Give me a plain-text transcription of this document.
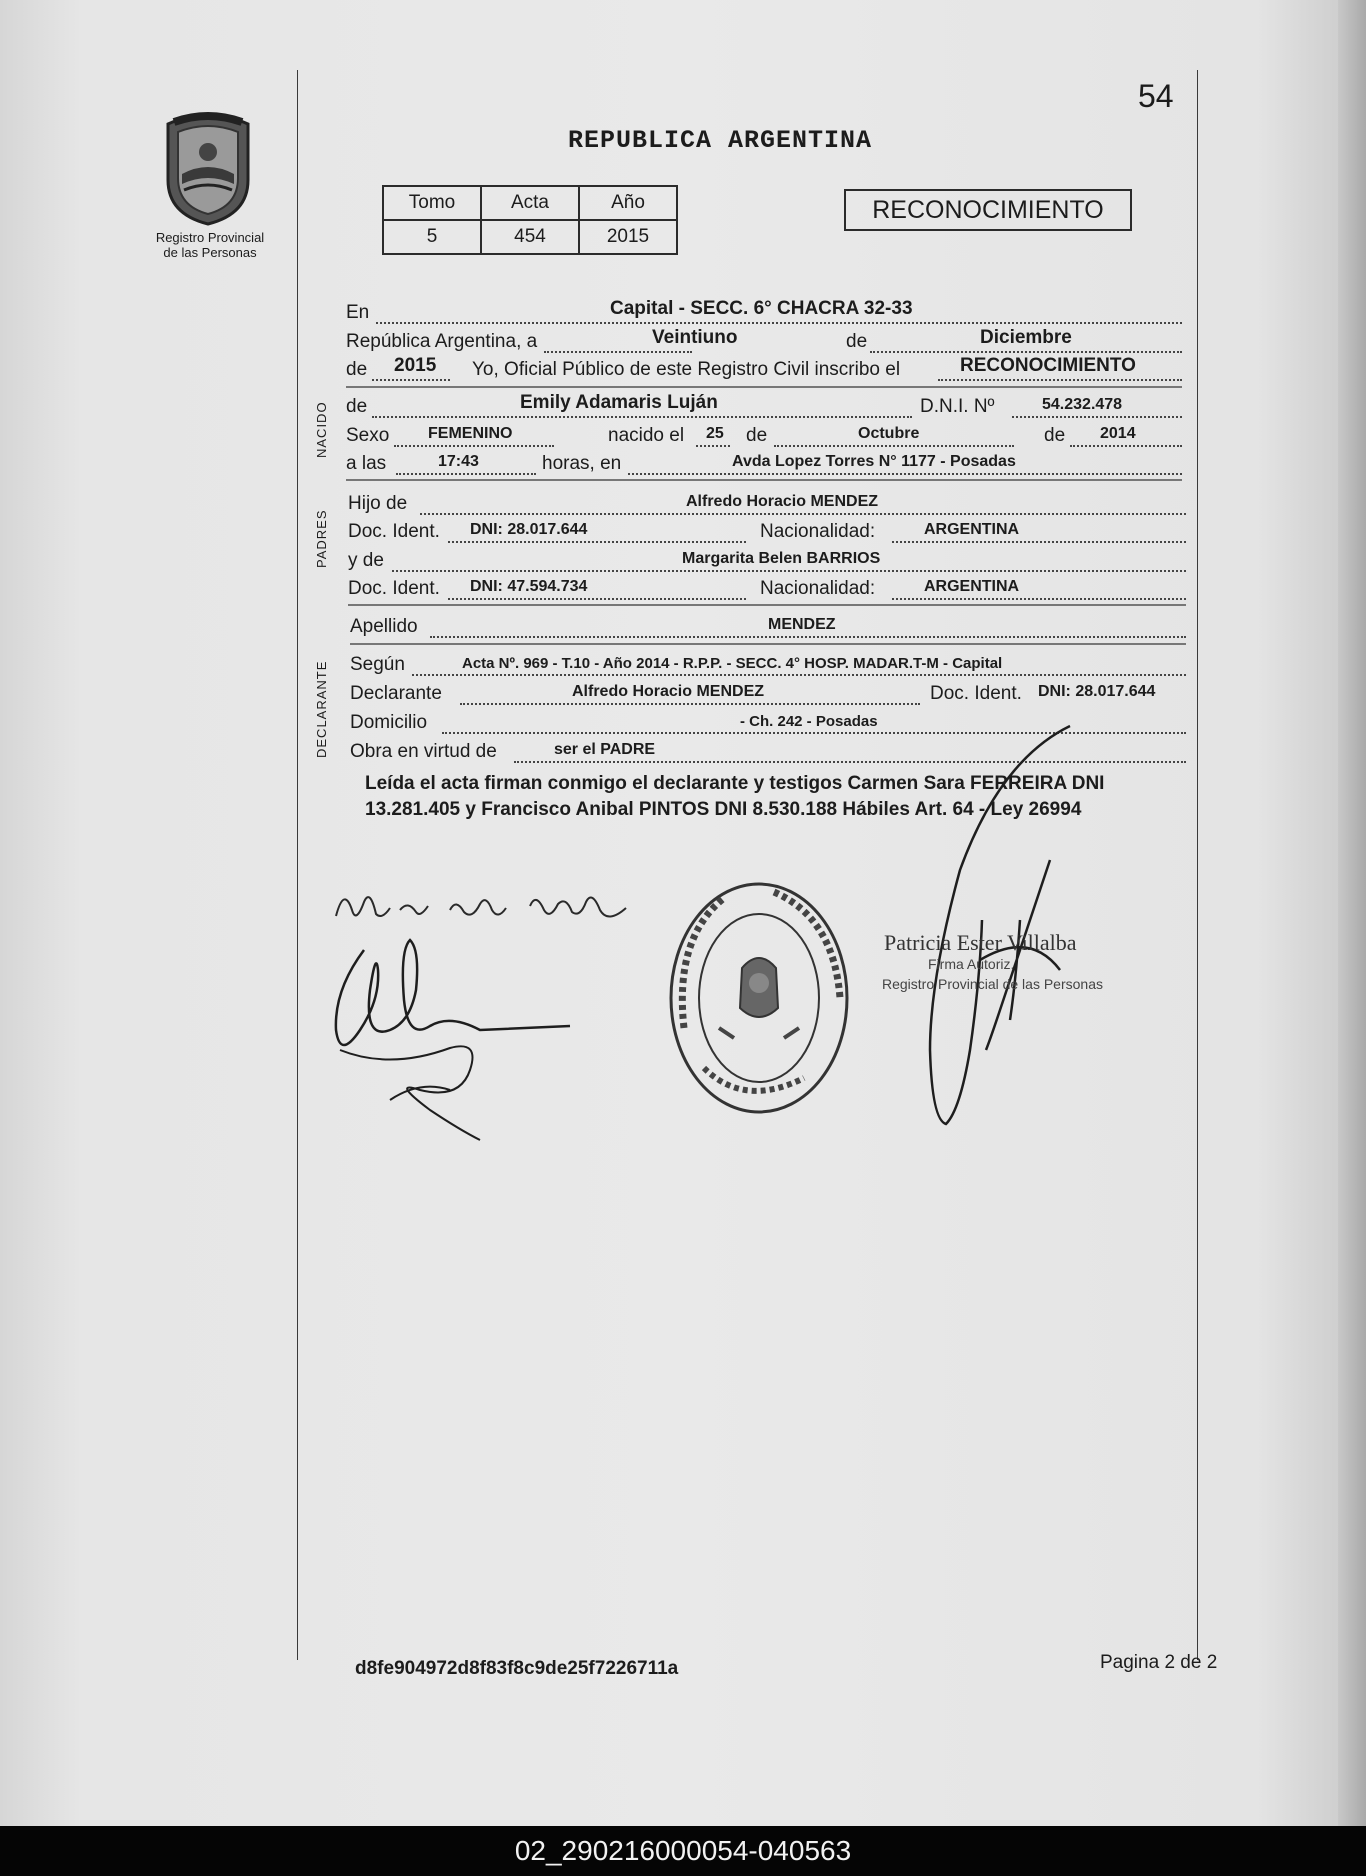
54
REPUBLICA ARGENTINA
Registro Provincial
de las Personas
Tomo	Acta	Año
5	454	2015
RECONOCIMIENTO
NACIDO
PADRES
DECLARANTE
En	Capital - SECC. 6° CHACRA 32-33
República Argentina, a	Veintiuno	de	Diciembre
de 2015 Yo, Oficial Público de este Registro Civil inscribo el	RECONOCIMIENTO
de	Emily Adamaris Luján	D.N.I. Nº	54.232.478
Sexo FEMENINO	nacido el 25 de	Octubre	de 2014
a las	17:43	horas, en	Avda Lopez Torres N° 1177 - Posadas
Hijo de	Alfredo Horacio MENDEZ
Doc. Ident. DNI: 28.017.644	Nacionalidad:	ARGENTINA
y de	Margarita Belen BARRIOS
Doc. Ident. DNI: 47.594.734	Nacionalidad:	ARGENTINA
Apellido	MENDEZ
Según	Acta Nº. 969 - T.10 - Año 2014 - R.P.P. - SECC. 4° HOSP. MADAR.T-M - Capital
Declarante	Alfredo Horacio MENDEZ	Doc. Ident. DNI: 28.017.644
Domicilio	- Ch. 242 - Posadas
Obra en virtud de	ser el PADRE
Leída el acta firman conmigo el declarante y testigos Carmen Sara FERREIRA DNI 13.281.405 y Francisco Anibal PINTOS DNI 8.530.188 Hábiles Art. 64 - Ley 26994
Patricia Ester Villalba
Firma Autoriz.
Registro Provincial de las Personas
d8fe904972d8f83f8c9de25f7226711a	Pagina 2 de 2
02_290216000054-040563
